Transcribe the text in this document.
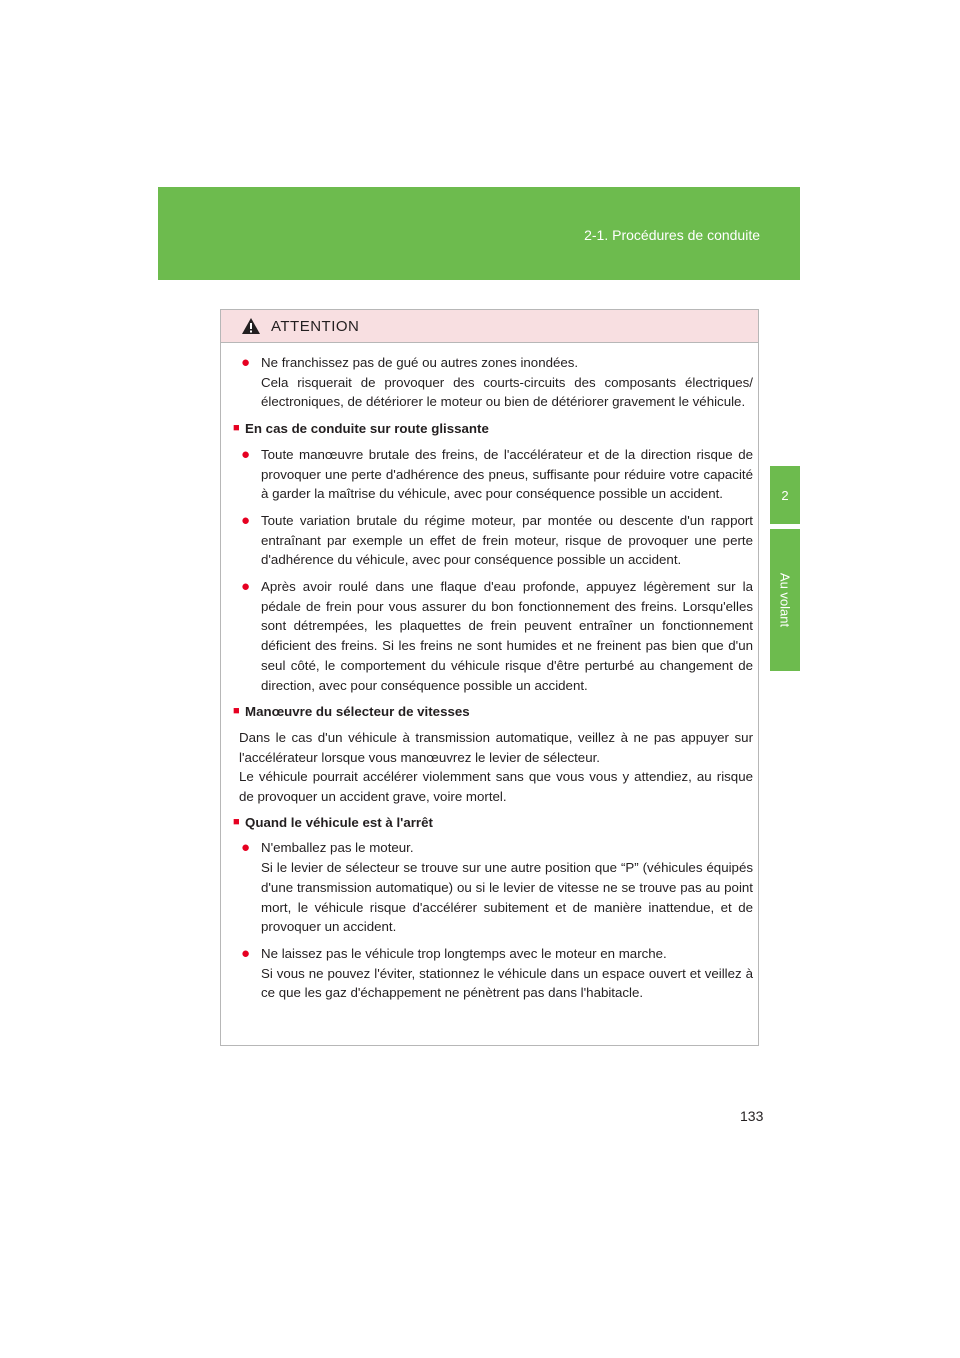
2-1. Procédures de conduite
2
Au volant
ATTENTION
● Ne franchissez pas de gué ou autres zones inondées.
Cela risquerait de provoquer des courts-circuits des composants électriques/ électroniques, de détériorer le moteur ou bien de détériorer gravement le véhicule.
■ En cas de conduite sur route glissante
● Toute manœuvre brutale des freins, de l'accélérateur et de la direction risque de provoquer une perte d'adhérence des pneus, suffisante pour réduire votre capacité à garder la maîtrise du véhicule, avec pour conséquence possible un accident.
● Toute variation brutale du régime moteur, par montée ou descente d'un rapport entraînant par exemple un effet de frein moteur, risque de provoquer une perte d'adhérence du véhicule, avec pour conséquence possible un accident.
● Après avoir roulé dans une flaque d'eau profonde, appuyez légèrement sur la pédale de frein pour vous assurer du bon fonctionnement des freins. Lorsqu'elles sont détrempées, les plaquettes de frein peuvent entraîner un fonctionnement déficient des freins. Si les freins ne sont humides et ne freinent pas bien que d'un seul côté, le comportement du véhicule risque d'être perturbé au changement de direction, avec pour conséquence possible un accident.
■ Manœuvre du sélecteur de vitesses
Dans le cas d'un véhicule à transmission automatique, veillez à ne pas appuyer sur l'accélérateur lorsque vous manœuvrez le levier de sélecteur.
Le véhicule pourrait accélérer violemment sans que vous vous y attendiez, au risque de provoquer un accident grave, voire mortel.
■ Quand le véhicule est à l'arrêt
● N'emballez pas le moteur.
Si le levier de sélecteur se trouve sur une autre position que “P” (véhicules équipés d'une transmission automatique) ou si le levier de vitesse ne se trouve pas au point mort, le véhicule risque d'accélérer subitement et de manière inattendue, et de provoquer un accident.
● Ne laissez pas le véhicule trop longtemps avec le moteur en marche.
Si vous ne pouvez l'éviter, stationnez le véhicule dans un espace ouvert et veillez à ce que les gaz d'échappement ne pénètrent pas dans l'habitacle.
133
